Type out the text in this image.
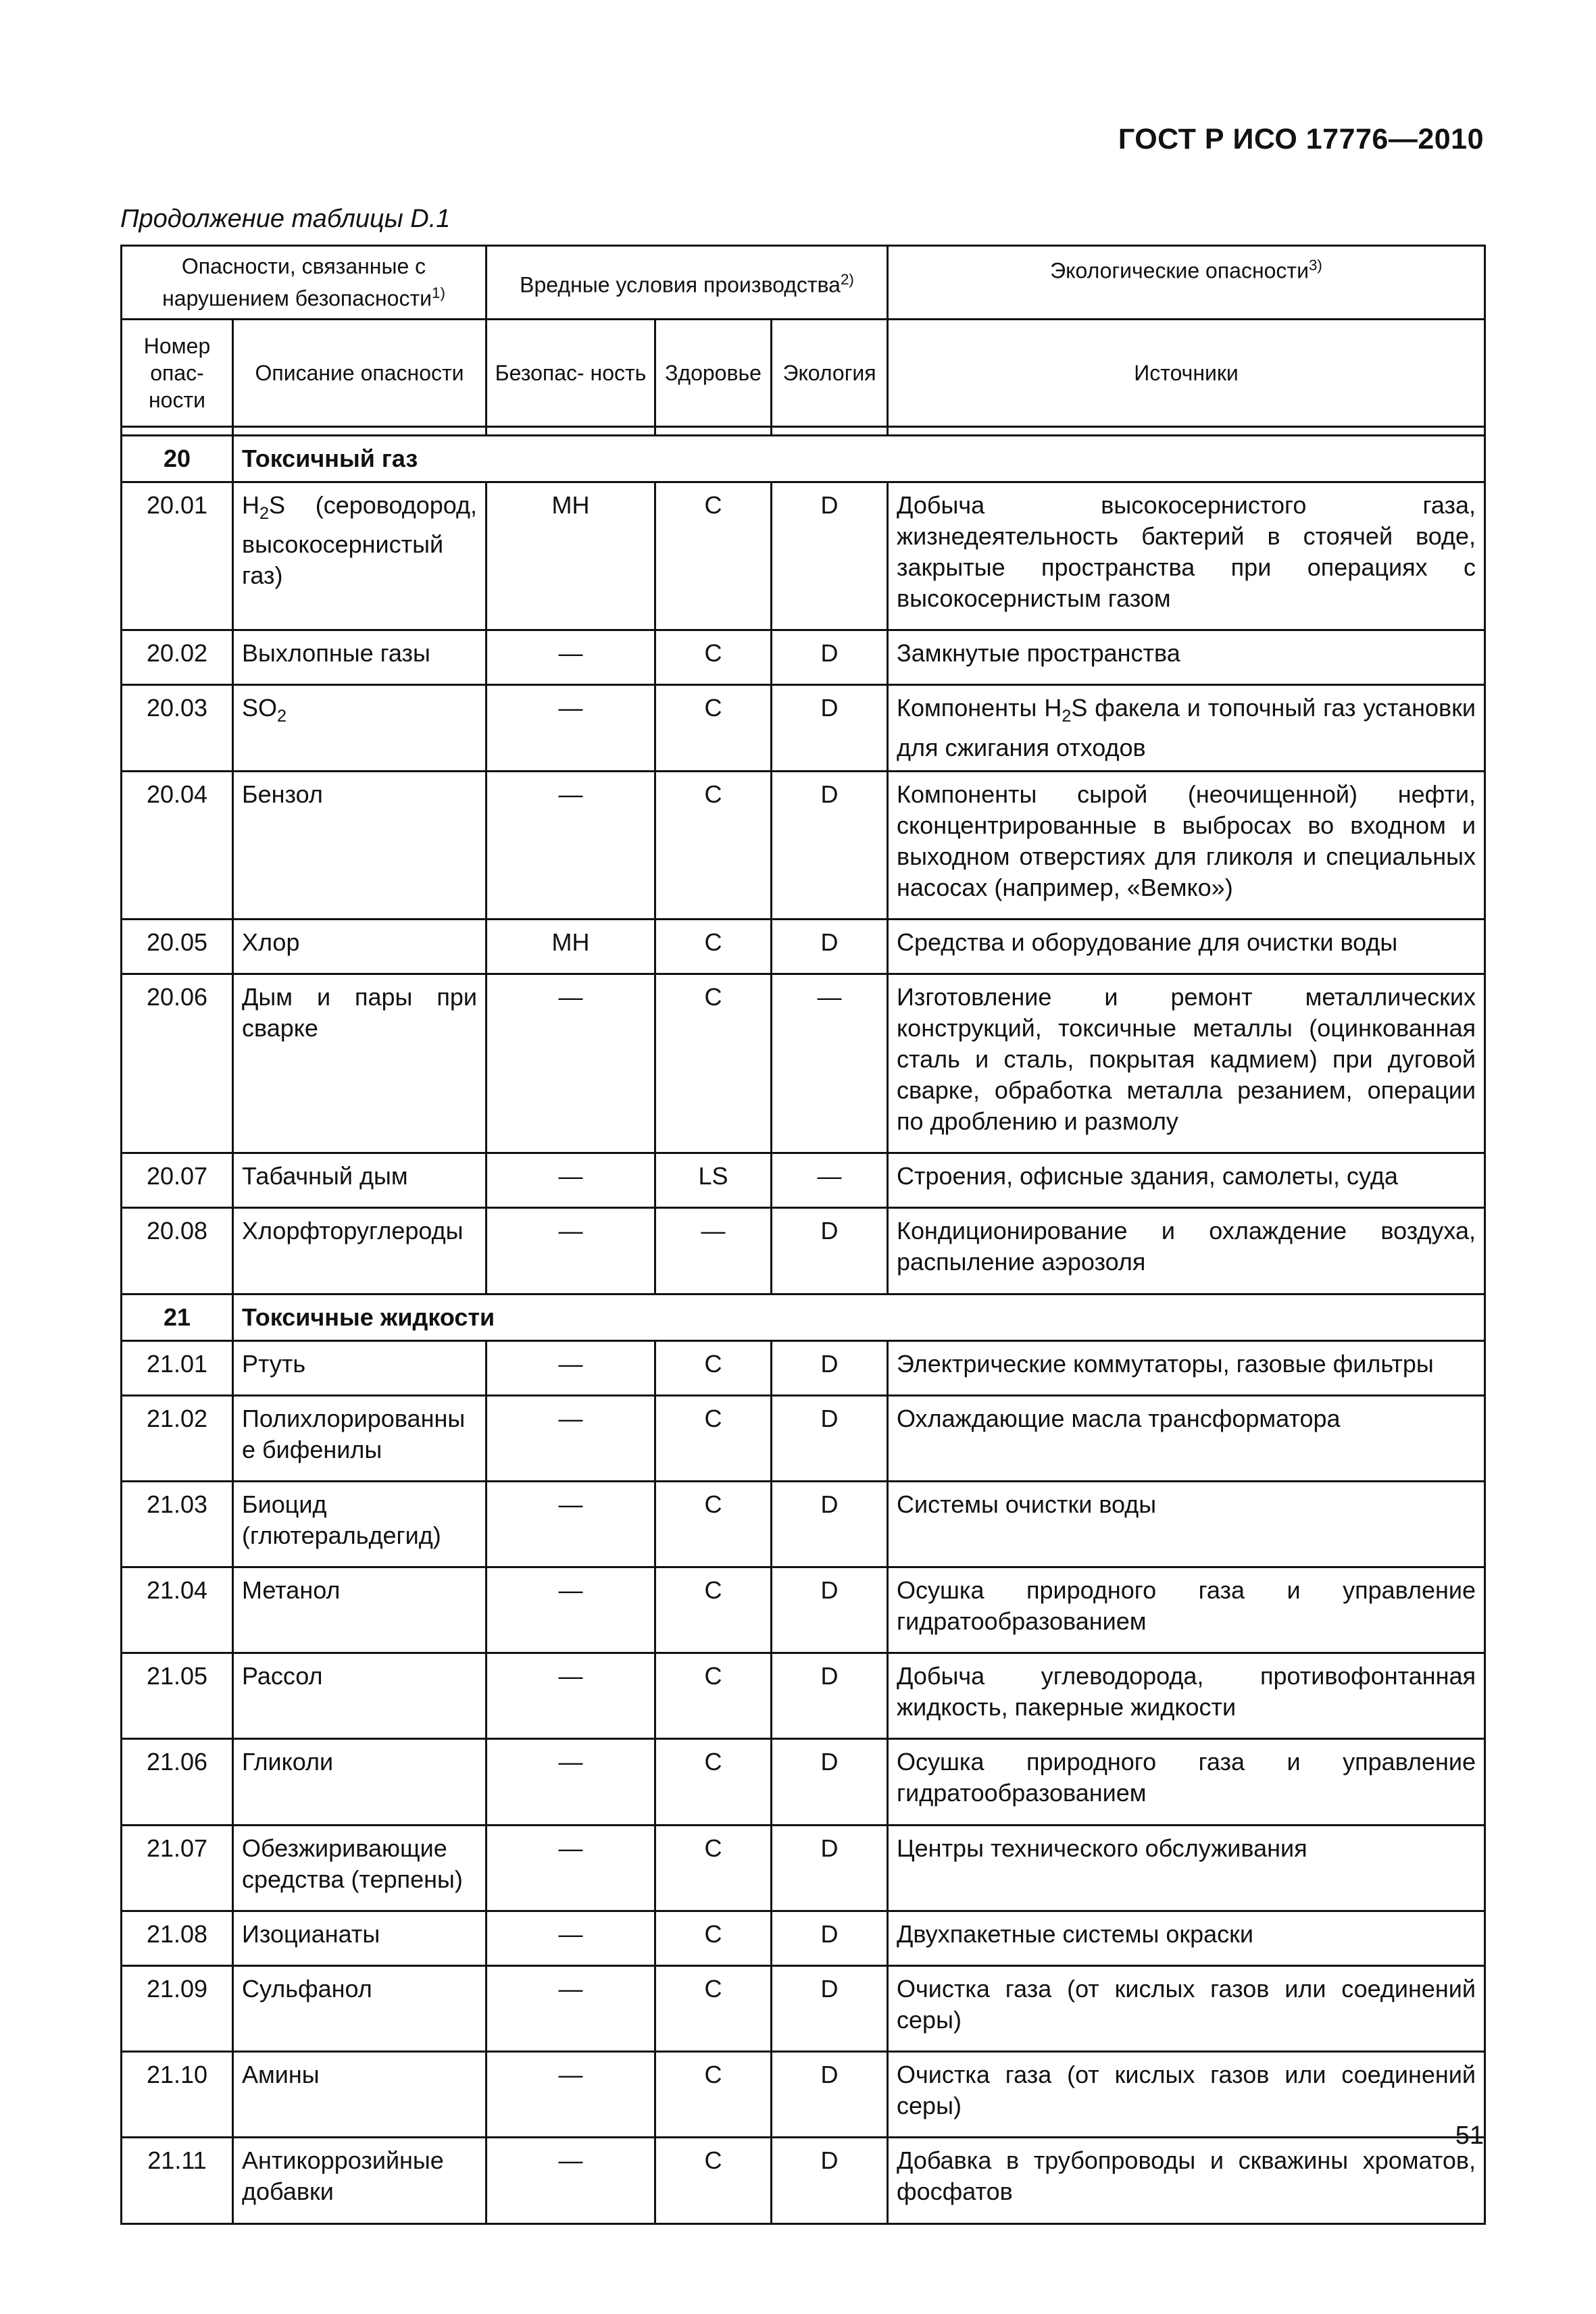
ГОСТ Р ИСО 17776—2010
Продолжение таблицы D.1
Опасности, связанные с нарушением безопасности$^{1)}$		Вредные условия производства$^{2)}$			Экологические опасности$^{3)}$
Номер опас- ности	Описание опасности	Безопас- ность	Здоровье	Экология	Источники

20	Токсичный газ				
20.01	$H_2S$ (сероводород, высокосернистый газ)	МН	С	D	Добыча высокосернистого газа, жизнедеятельность бактерий в стоячей воде, закрытые пространства при операциях с высокосернистым газом
20.02	Выхлопные газы	—	С	D	Замкнутые пространства
20.03	$SO_2$	—	С	D	Компоненты $H_2S$ факела и топочный газ установки для сжигания отходов
20.04	Бензол	—	С	D	Компоненты сырой (неочищенной) нефти, сконцентрированные в выбросах во входном и выходном отверстиях для гликоля и специальных насосах (например, «Вемко»)
20.05	Хлор	МН	С	D	Средства и оборудование для очистки воды
20.06	Дым и пары при сварке	—	С	—	Изготовление и ремонт металлических конструкций, токсичные металлы (оцинкованная сталь и сталь, покрытая кадмием) при дуговой сварке, обработка металла резанием, операции по дроблению и размолу
20.07	Табачный дым	—	LS	—	Строения, офисные здания, самолеты, суда
20.08	Хлорфторуглероды	—	—	D	Кондиционирование и охлаждение воздуха, распыление аэрозоля
21	Токсичные жидкости				
21.01	Ртуть	—	С	D	Электрические коммутаторы, газовые фильтры
21.02	Полихлорированные бифенилы	—	С	D	Охлаждающие масла трансформатора
21.03	Биоцид (глютеральдегид)	—	С	D	Системы очистки воды
21.04	Метанол	—	С	D	Осушка природного газа и управление гидратообразованием
21.05	Рассол	—	С	D	Добыча углеводорода, противофонтанная жидкость, пакерные жидкости
21.06	Гликоли	—	С	D	Осушка природного газа и управление гидратообразованием
21.07	Обезжиривающие средства (терпены)	—	С	D	Центры технического обслуживания
21.08	Изоцианаты	—	С	D	Двухпакетные системы окраски
21.09	Сульфанол	—	С	D	Очистка газа (от кислых газов или соединений серы)
21.10	Амины	—	С	D	Очистка газа (от кислых газов или соединений серы)
21.11	Антикоррозийные добавки	—	С	D	Добавка в трубопроводы и скважины хроматов, фосфатов
51
